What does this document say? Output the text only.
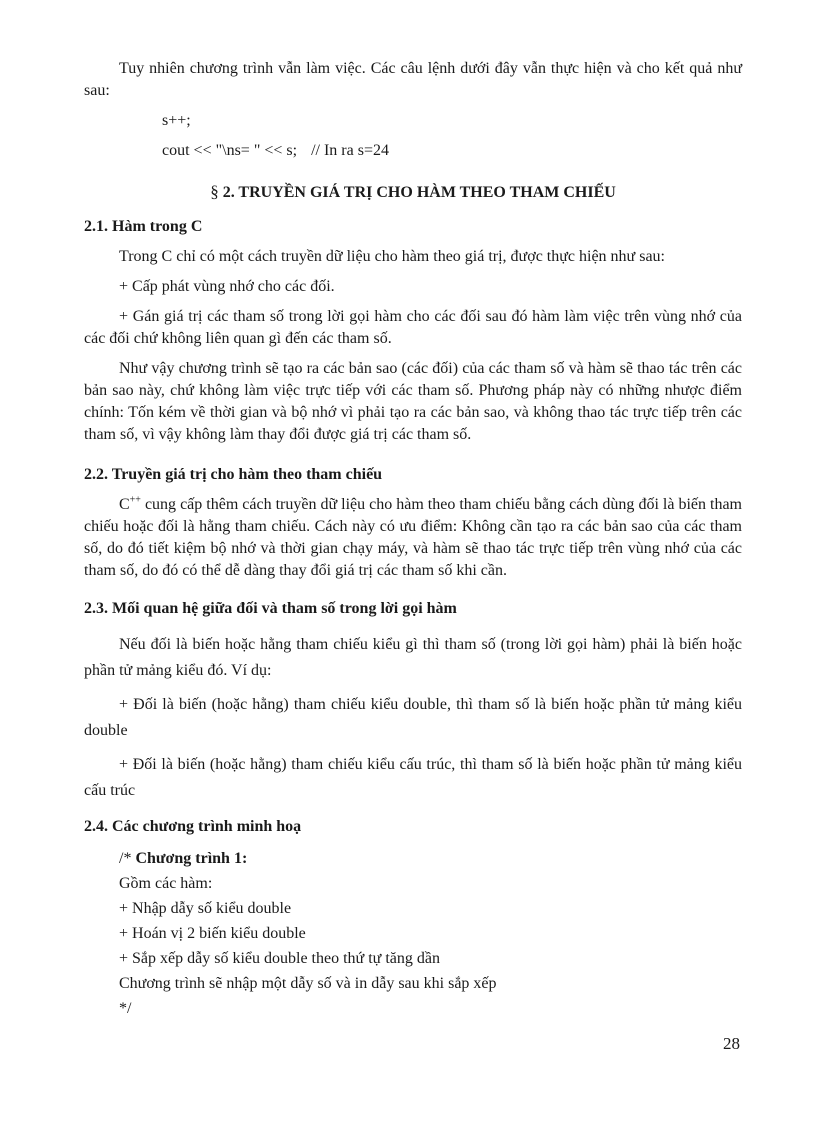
Tuy nhiên chương trình vẫn làm việc. Các câu lệnh dưới đây vẫn thực hiện và cho kết quả như sau:

s++;
cout << "\ns= " << s; // In ra s=24
§ 2. TRUYỀN GIÁ TRỊ CHO HÀM THEO THAM CHIẾU
2.1. Hàm trong C

Trong C chỉ có một cách truyền dữ liệu cho hàm theo giá trị, được thực hiện như sau:

+ Cấp phát vùng nhớ cho các đối.

+ Gán giá trị các tham số trong lời gọi hàm cho các đối sau đó hàm làm việc trên vùng nhớ của các đối chứ không liên quan gì đến các tham số.

Như vậy chương trình sẽ tạo ra các bản sao (các đối) của các tham số và hàm sẽ thao tác trên các bản sao này, chứ không làm việc trực tiếp với các tham số. Phương pháp này có những nhược điểm chính: Tốn kém về thời gian và bộ nhớ vì phải tạo ra các bản sao, và không thao tác trực tiếp trên các tham số, vì vậy không làm thay đổi được giá trị các tham số.

2.2. Truyền giá trị cho hàm theo tham chiếu

C++ cung cấp thêm cách truyền dữ liệu cho hàm theo tham chiếu bằng cách dùng đối là biến tham chiếu hoặc đối là hằng tham chiếu. Cách này có ưu điểm: Không cần tạo ra các bản sao của các tham số, do đó tiết kiệm bộ nhớ và thời gian chạy máy, và hàm sẽ thao tác trực tiếp trên vùng nhớ của các tham số, do đó có thể dễ dàng thay đổi giá trị các tham số khi cần.

2.3. Mối quan hệ giữa đối và tham số trong lời gọi hàm

Nếu đối là biến hoặc hằng tham chiếu kiểu gì thì tham số (trong lời gọi hàm) phải là biến hoặc phần tử mảng kiểu đó. Ví dụ:

+ Đối là biến (hoặc hằng) tham chiếu kiểu double, thì tham số là biến hoặc phần tử mảng kiểu double

+ Đối là biến (hoặc hằng) tham chiếu kiểu cấu trúc, thì tham số là biến hoặc phần tử mảng kiểu cấu trúc

2.4. Các chương trình minh hoạ
/* Chương trình 1:
Gồm các hàm:
+ Nhập dẫy số kiểu double
+ Hoán vị 2 biến kiểu double
+ Sắp xếp dẫy số kiểu double theo thứ tự tăng dần
Chương trình sẽ nhập một dẫy số và in dẫy sau khi sắp xếp
*/
28
